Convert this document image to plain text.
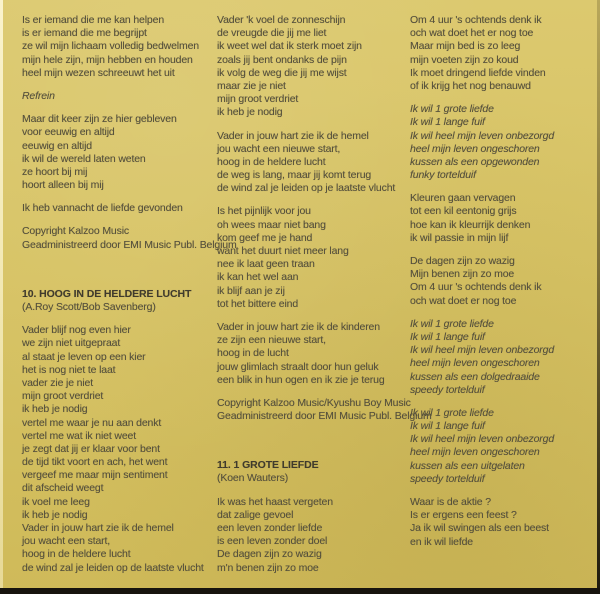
Is er iemand die me kan helpen
is er iemand die me begrijpt
ze wil mijn lichaam volledig bedwelmen
mijn hele zijn, mijn hebben en houden
heel mijn wezen schreeuwt het uit
Refrein
Maar dit keer zijn ze hier gebleven
voor eeuwig en altijd
eeuwig en altijd
ik wil de wereld laten weten
ze hoort bij mij
hoort alleen bij mij
Ik heb vannacht de liefde gevonden
Copyright Kalzoo Music
Geadministreerd door EMI Music Publ. Belgium
10. HOOG IN DE HELDERE LUCHT
(A.Roy Scott/Bob Savenberg)
Vader blijf nog even hier
we zijn niet uitgepraat
al staat je leven op een kier
het is nog niet te laat
vader zie je niet
mijn groot verdriet
ik heb je nodig
vertel me waar je nu aan denkt
vertel me wat ik niet weet
je zegt dat jij er klaar voor bent
de tijd tikt voort en ach, het went
vergeef me maar mijn sentiment
dit afscheid weegt
ik voel me leeg
ik heb je nodig
Vader in jouw hart zie ik de hemel
jou wacht een start,
hoog in de heldere lucht
de wind zal je leiden op de laatste vlucht
Vader 'k voel de zonneschijn
de vreugde die jij me liet
ik weet wel dat ik sterk moet zijn
zoals jij bent ondanks de pijn
ik volg de weg die jij me wijst
maar zie je niet
mijn groot verdriet
ik heb je nodig
Vader in jouw hart zie ik de hemel
jou wacht een nieuwe start,
hoog in de heldere lucht
de weg is lang, maar jij komt terug
de wind zal je leiden op je laatste vlucht
Is het pijnlijk voor jou
oh wees maar niet bang
kom geef me je hand
want het duurt niet meer lang
nee ik laat geen traan
ik kan het wel aan
ik blijf aan je zij
tot het bittere eind
Vader in jouw hart zie ik de kinderen
ze zijn een nieuwe start,
hoog in de lucht
jouw glimlach straalt door hun geluk
een blik in hun ogen en ik zie je terug
Copyright Kalzoo Music/Kyushu Boy Music
Geadministreerd door EMI Music Publ. Belgium
11. 1 GROTE LIEFDE
(Koen Wauters)
Ik was het haast vergeten
dat zalige gevoel
een leven zonder liefde
is een leven zonder doel
De dagen zijn zo wazig
m'n benen zijn zo moe
Om 4 uur 's ochtends denk ik
och wat doet het er nog toe
Maar mijn bed is zo leeg
mijn voeten zijn zo koud
Ik moet dringend liefde vinden
of ik krijg het nog benauwd
Ik wil 1 grote liefde
Ik wil 1 lange fuif
Ik wil heel mijn leven onbezorgd
heel mijn leven ongeschoren
kussen als een opgewonden
funky tortelduif
Kleuren gaan vervagen
tot een kil eentonig grijs
hoe kan ik kleurrijk denken
ik wil passie in mijn lijf
De dagen zijn zo wazig
Mijn benen zijn zo moe
Om 4 uur 's ochtends denk ik
och wat doet er nog toe
Ik wil 1 grote liefde
Ik wil 1 lange fuif
Ik wil heel mijn leven onbezorgd
heel mijn leven ongeschoren
kussen als een dolgedraaide
speedy tortelduif
Ik wil 1 grote liefde
Ik wil 1 lange fuif
Ik wil heel mijn leven onbezorgd
heel mijn leven ongeschoren
kussen als een uitgelaten
speedy tortelduif
Waar is de aktie ?
Is er ergens een feest ?
Ja ik wil swingen als een beest
en ik wil liefde
